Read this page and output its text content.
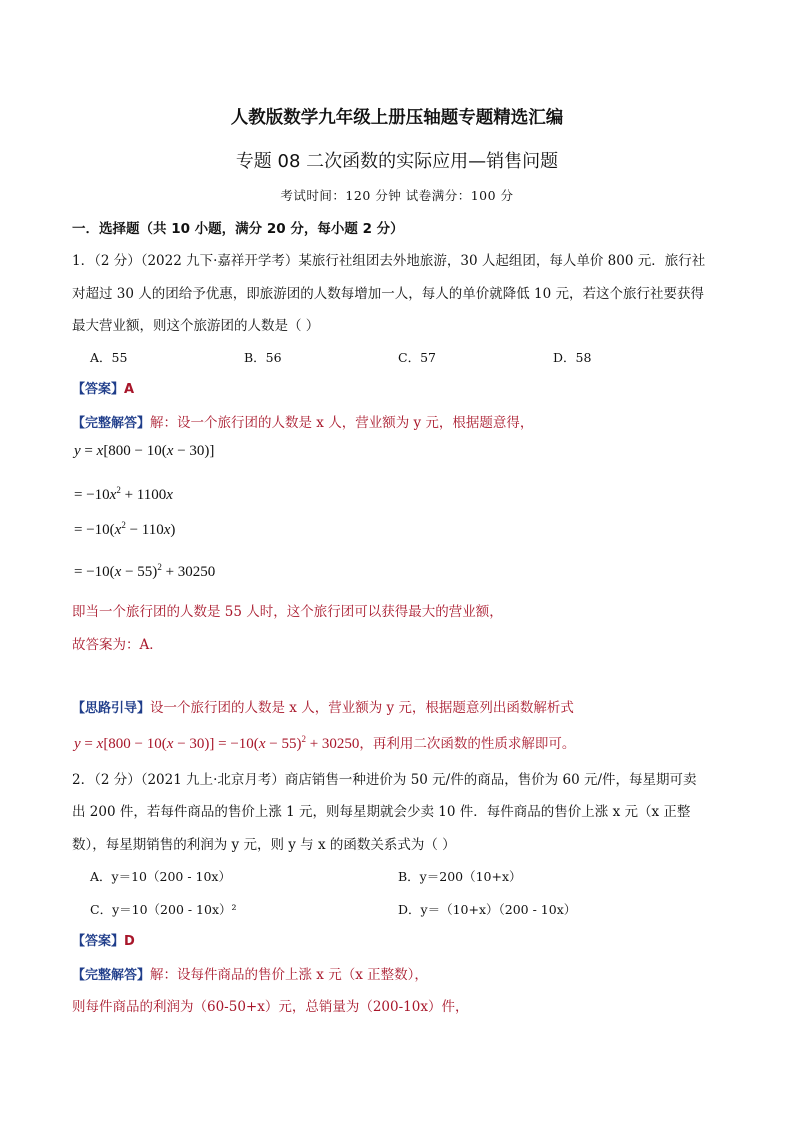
人教版数学九年级上册压轴题专题精选汇编
专题 08 二次函数的实际应用—销售问题
考试时间：120 分钟 试卷满分：100 分
一．选择题（共 10 小题，满分 20 分，每小题 2 分）
1．（2 分）（2022 九下·嘉祥开学考）某旅行社组团去外地旅游，30 人起组团，每人单价 800 元．旅行社
对超过 30 人的团给予优惠，即旅游团的人数每增加一人，每人的单价就降低 10 元，若这个旅行社要获得
最大营业额，则这个旅游团的人数是（ ）
A．55	B．56	C．57	D．58
【答案】A
【完整解答】解：设一个旅行团的人数是 x 人，营业额为 y 元，根据题意得，
y = x[800 − 10(x − 30)]
= $-10x^2 + 1100x$
= $-10(x^2 - 110x)$
= $-10(x - 55)^2 + 30250$
即当一个旅行团的人数是 55 人时，这个旅行团可以获得最大的营业额，
故答案为：A．
【思路引导】设一个旅行团的人数是 x 人，营业额为 y 元，根据题意列出函数解析式
$y = x[800 - 10(x - 30)] = -10(x - 55)^2 + 30250$，再利用二次函数的性质求解即可。
2．（2 分）（2021 九上·北京月考）商店销售一种进价为 50 元/件的商品，售价为 60 元/件，每星期可卖
出 200 件，若每件商品的售价上涨 1 元，则每星期就会少卖 10 件．每件商品的售价上涨 x 元（x 正整
数），每星期销售的利润为 y 元，则 y 与 x 的函数关系式为（ ）
A．y＝10（200 - 10x）	B．y＝200（10+x）
C．y＝10（200 - 10x）²	D．y＝（10+x）（200 - 10x）
【答案】D
【完整解答】解：设每件商品的售价上涨 x 元（x 正整数），
则每件商品的利润为（60-50+x）元，总销量为（200-10x）件，
